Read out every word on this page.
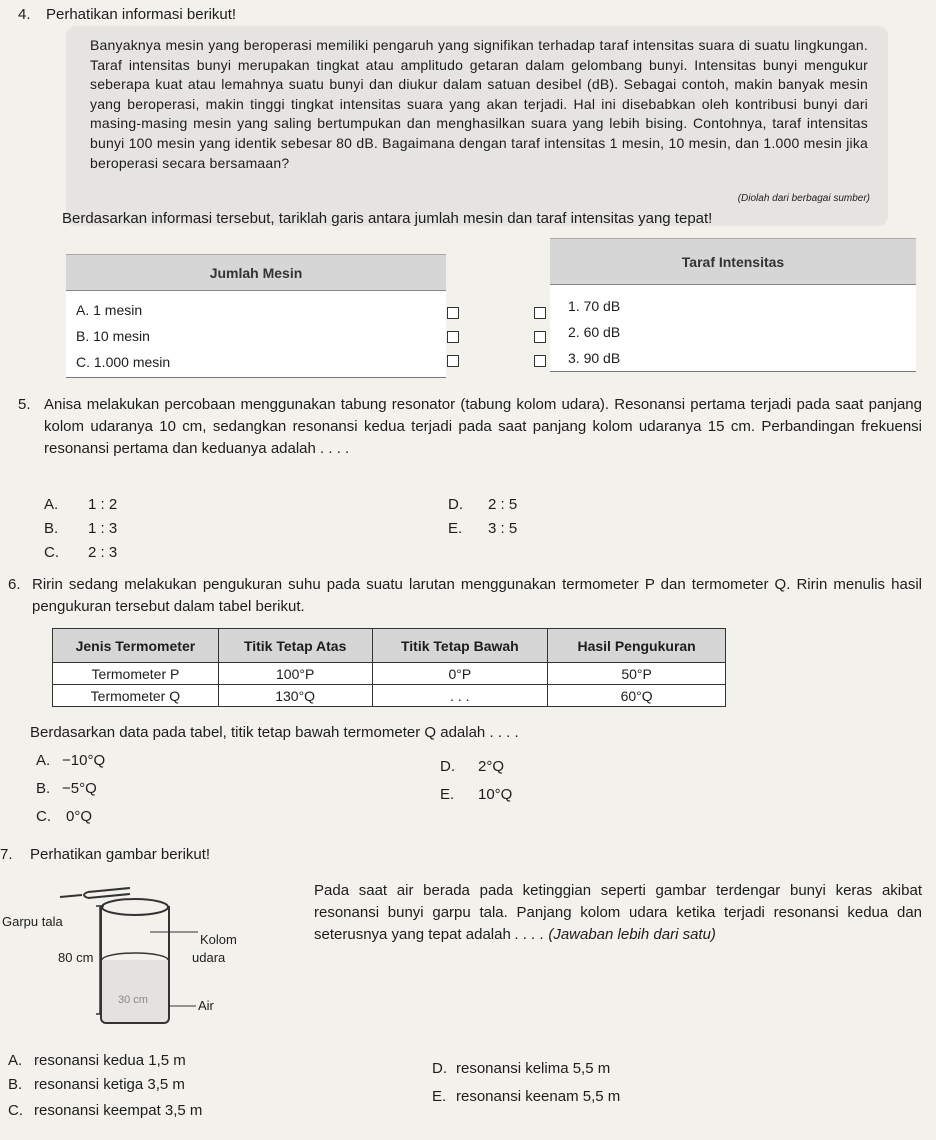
4. Perhatikan informasi berikut!

Banyaknya mesin yang beroperasi memiliki pengaruh yang signifikan terhadap taraf intensitas suara di suatu lingkungan. Taraf intensitas bunyi merupakan tingkat atau amplitudo getaran dalam gelombang bunyi. Intensitas bunyi mengukur seberapa kuat atau lemahnya suatu bunyi dan diukur dalam satuan desibel (dB). Sebagai contoh, makin banyak mesin yang beroperasi, makin tinggi tingkat intensitas suara yang akan terjadi. Hal ini disebabkan oleh kontribusi bunyi dari masing-masing mesin yang saling bertumpukan dan menghasilkan suara yang lebih bising. Contohnya, taraf intensitas bunyi 100 mesin yang identik sebesar 80 dB. Bagaimana dengan taraf intensitas 1 mesin, 10 mesin, dan 1.000 mesin jika beroperasi secara bersamaan?

(Diolah dari berbagai sumber)
Berdasarkan informasi tersebut, tariklah garis antara jumlah mesin dan taraf intensitas yang tepat!
Jumlah Mesin
A. 1 mesin
B. 10 mesin
C. 1.000 mesin
Taraf Intensitas
1. 70 dB
2. 60 dB
3. 90 dB
5. Anisa melakukan percobaan menggunakan tabung resonator (tabung kolom udara). Resonansi pertama terjadi pada saat panjang kolom udaranya 10 cm, sedangkan resonansi kedua terjadi pada saat panjang kolom udaranya 15 cm. Perbandingan frekuensi resonansi pertama dan keduanya adalah . . . .
A. 1 : 2
B. 1 : 3
C. 2 : 3
D. 2 : 5
E. 3 : 5
6. Ririn sedang melakukan pengukuran suhu pada suatu larutan menggunakan termometer P dan termometer Q. Ririn menulis hasil pengukuran tersebut dalam tabel berikut.
Jenis Termometer	Titik Tetap Atas	Titik Tetap Bawah	Hasil Pengukuran
Termometer P	100°P	0°P	50°P
Termometer Q	130°Q	. . .	60°Q
Berdasarkan data pada tabel, titik tetap bawah termometer Q adalah . . . .
A. −10°Q
B. −5°Q
C. 0°Q
D. 2°Q
E. 10°Q
7. Perhatikan gambar berikut!
Garpu tala
80 cm
Kolom
udara
30 cm	Air
Pada saat air berada pada ketinggian seperti gambar terdengar bunyi keras akibat resonansi bunyi garpu tala. Panjang kolom udara ketika terjadi resonansi kedua dan seterusnya yang tepat adalah . . . . (Jawaban lebih dari satu)
A. resonansi kedua 1,5 m
B. resonansi ketiga 3,5 m
C. resonansi keempat 3,5 m
D. resonansi kelima 5,5 m
E. resonansi keenam 5,5 m
